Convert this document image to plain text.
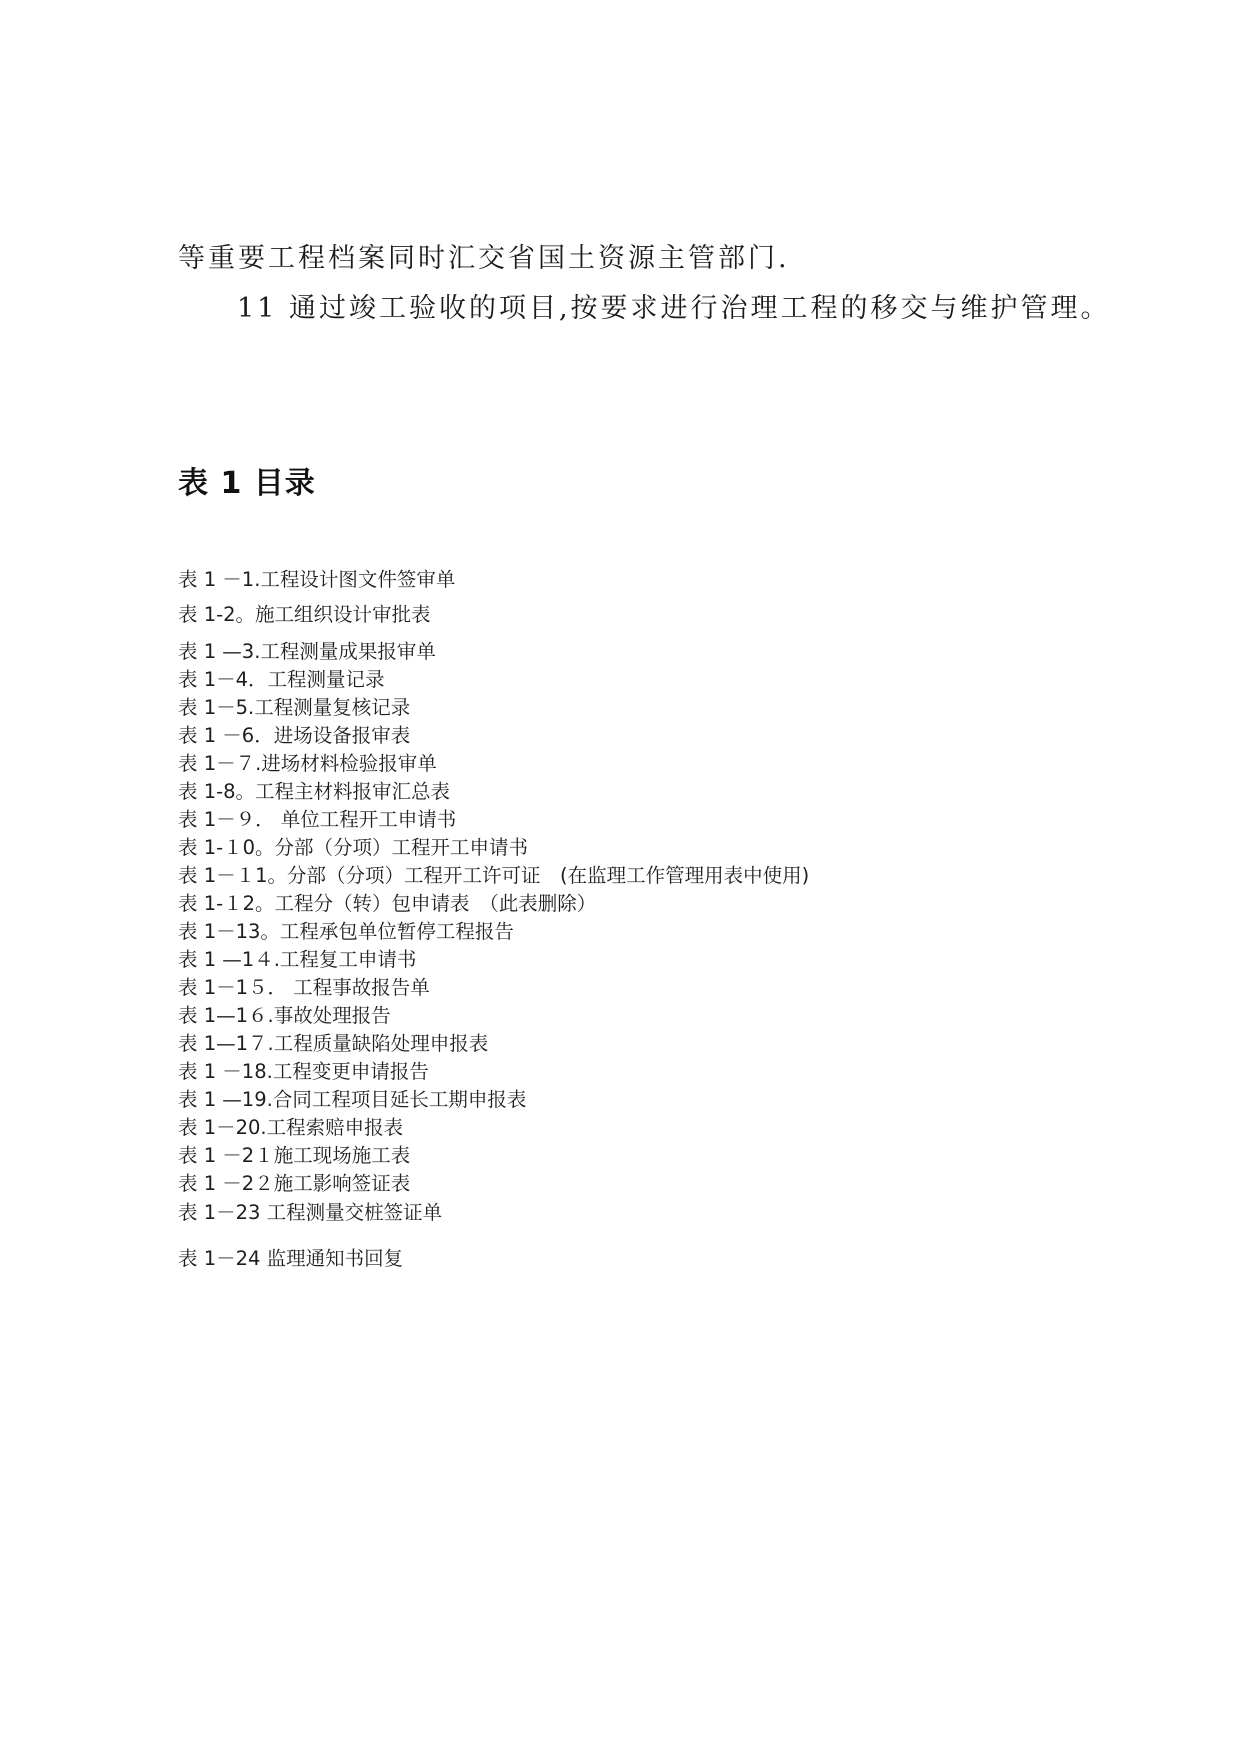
等重要工程档案同时汇交省国土资源主管部门.

11 通过竣工验收的项目,按要求进行治理工程的移交与维护管理。

表 1 目录
表 1 －1.工程设计图文件签审单
表 1-2。施工组织设计审批表
表 1 —3.工程测量成果报审单
表 1－4．工程测量记录
表 1－5.工程测量复核记录
表 1 －6．进场设备报审表
表 1－７.进场材料检验报审单
表 1-8。工程主材料报审汇总表
表 1－９． 单位工程开工申请书
表 1-１0。分部（分项）工程开工申请书
表 1－１1。分部（分项）工程开工许可证　(在监理工作管理用表中使用)
表 1-１2。工程分（转）包申请表　（此表删除）
表 1－13。工程承包单位暂停工程报告
表 1 —1４.工程复工申请书
表 1－1５． 工程事故报告单
表 1—1６.事故处理报告
表 1—1７.工程质量缺陷处理申报表
表 1 －18.工程变更申请报告
表 1 —19.合同工程项目延长工期申报表
表 1－20.工程索赔申报表
表 1 －2１施工现场施工表
表 1 －2２施工影响签证表
表 1－23 工程测量交桩签证单
表 1－24 监理通知书回复
